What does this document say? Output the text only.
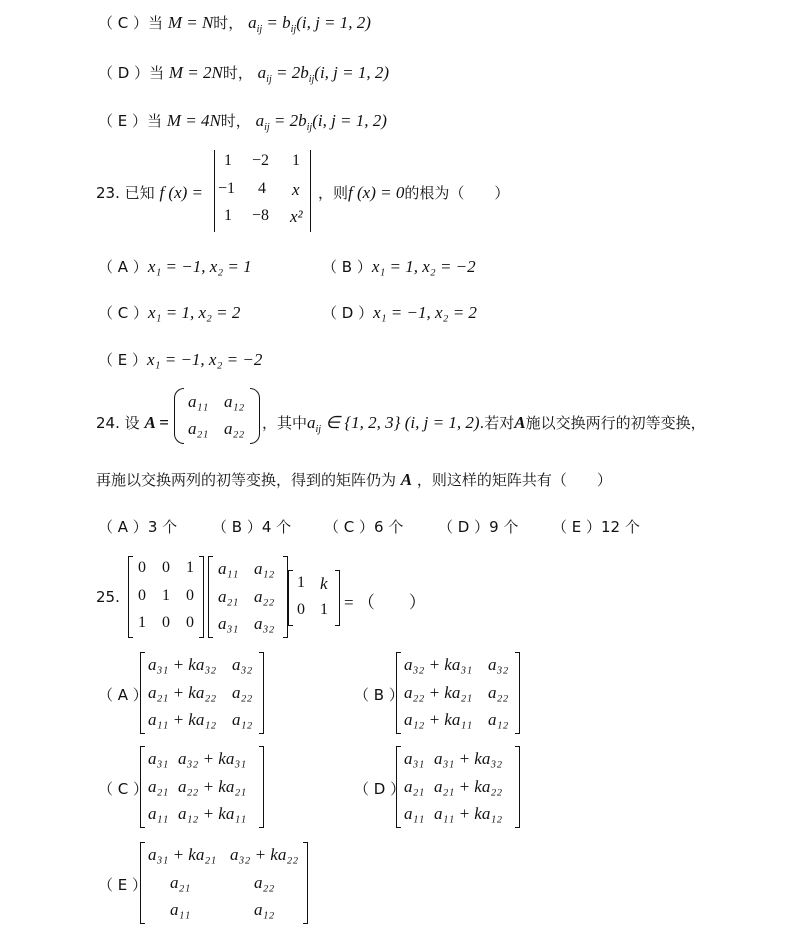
（ C ）当 M = N时， $a_{ij} = b_{ij}(i$, j = 1, 2)
（ D ）当 M = 2N时， $a_{ij} = 2b_{ij}(i$, j = 1, 2)
（ E ）当 M = 4N时， $a_{ij} = 2b_{ij}(i$, j = 1, 2)
23. 已知 f (x) =
1 −2 1
−1 4 x
1 −8 x²
，则f (x) = 0的根为（　　）
（ A ）x₁ = −1, x₂ = 1	（ B ）x₁ = 1, x₂ = −2
（ C ）x₁ = 1, x₂ = 2	（ D ）x₁ = −1, x₂ = 2
（ E ）x₁ = −1, x₂ = −2
24. 设 A =
a₁₁ a₁₂
a₂₁ a₂₂ ，其中$a_{ij}$ ∈ {1, 2, 3} (i, j = 1, 2).若对A施以交换两行的初等变换，
再施以交换两列的初等变换，得到的矩阵仍为 A ，则这样的矩阵共有（　　）
（ A ）3 个 （ B ）4 个 （ C ）6 个 （ D ）9 个 （ E ）12 个
25.
0 0 1
0 1 0
1 0 0
a₁₁ a₁₂
a₂₁ a₂₂
a₃₁ a₃₂
1 k
0 1 = （　　）
（ A ）
a₃₁ + ka₃₂ a₃₂
a₂₁ + ka₂₂ a₂₂
a₁₁ + ka₁₂ a₁₂
（ B ）
a₃₂ + ka₃₁ a₃₂
a₂₂ + ka₂₁ a₂₂
a₁₂ + ka₁₁ a₁₂
（ C ）
a₃₁ a₃₂ + ka₃₁
a₂₁ a₂₂ + ka₂₁
a₁₁ a₁₂ + ka₁₁
（ D ）
a₃₁ a₃₁ + ka₃₂
a₂₁ a₂₁ + ka₂₂
a₁₁ a₁₁ + ka₁₂
（ E ）
a₃₁ + ka₂₁ a₃₂ + ka₂₂
a₂₁	a₂₂
a₁₁	a₁₂
